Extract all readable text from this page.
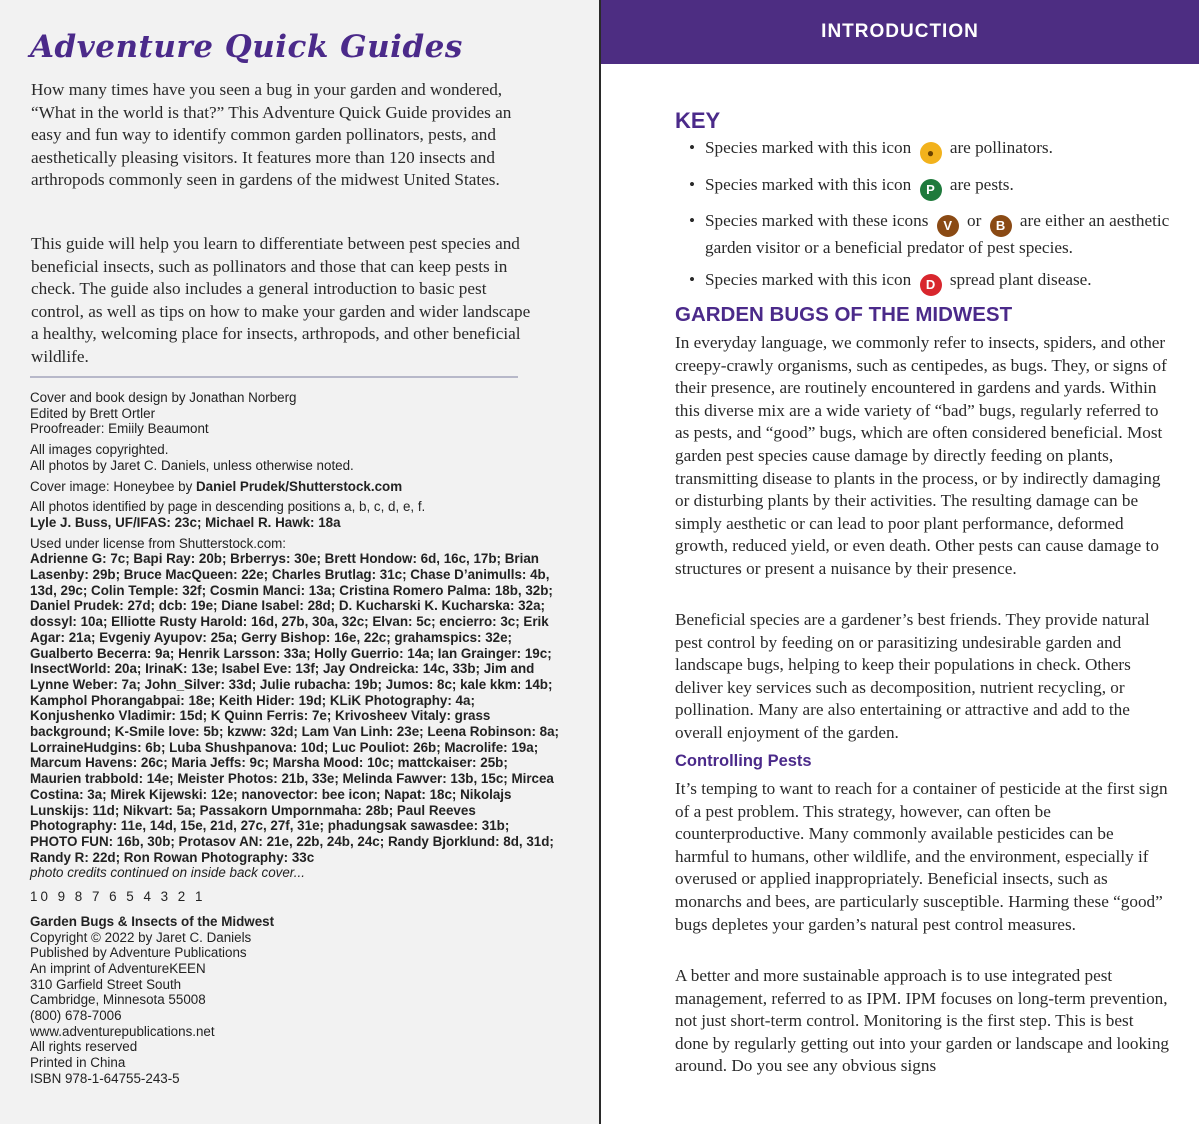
Adventure Quick Guides

How many times have you seen a bug in your garden and wondered, “What in the world is that?” This Adventure Quick Guide provides an easy and fun way to identify common garden pollinators, pests, and aesthetically pleasing visitors. It features more than 120 insects and arthropods commonly seen in gardens of the midwest United States.

This guide will help you learn to differentiate between pest species and beneficial insects, such as pollinators and those that can keep pests in check. The guide also includes a general introduction to basic pest control, as well as tips on how to make your garden and wider landscape a healthy, welcoming place for insects, arthropods, and other beneficial wildlife.

Cover and book design by Jonathan Norberg
Edited by Brett Ortler
Proofreader: Emiily Beaumont

All images copyrighted.
All photos by Jaret C. Daniels, unless otherwise noted.

Cover image: Honeybee by Daniel Prudek/Shutterstock.com

All photos identified by page in descending positions a, b, c, d, e, f.
Lyle J. Buss, UF/IFAS: 23c; Michael R. Hawk: 18a

Used under license from Shutterstock.com:
Adrienne G: 7c; Bapi Ray: 20b; Brberrys: 30e; Brett Hondow: 6d, 16c, 17b; Brian Lasenby: 29b; Bruce MacQueen: 22e; Charles Brutlag: 31c; Chase D’animulls: 4b, 13d, 29c; Colin Temple: 32f; Cosmin Manci: 13a; Cristina Romero Palma: 18b, 32b; Daniel Prudek: 27d; dcb: 19e; Diane Isabel: 28d; D. Kucharski K. Kucharska: 32a; dossyl: 10a; Elliotte Rusty Harold: 16d, 27b, 30a, 32c; Elvan: 5c; encierro: 3c; Erik Agar: 21a; Evgeniy Ayupov: 25a; Gerry Bishop: 16e, 22c; grahamspics: 32e; Gualberto Becerra: 9a; Henrik Larsson: 33a; Holly Guerrio: 14a; Ian Grainger: 19c; InsectWorld: 20a; IrinaK: 13e; Isabel Eve: 13f; Jay Ondreicka: 14c, 33b; Jim and Lynne Weber: 7a; John_Silver: 33d; Julie rubacha: 19b; Jumos: 8c; kale kkm: 14b; Kamphol Phorangabpai: 18e; Keith Hider: 19d; KLiK Photography: 4a; Konjushenko Vladimir: 15d; K Quinn Ferris: 7e; Krivosheev Vitaly: grass background; K-Smile love: 5b; kzww: 32d; Lam Van Linh: 23e; Leena Robinson: 8a; LorraineHudgins: 6b; Luba Shushpanova: 10d; Luc Pouliot: 26b; Macrolife: 19a; Marcum Havens: 26c; Maria Jeffs: 9c; Marsha Mood: 10c; mattckaiser: 25b; Maurien trabbold: 14e; Meister Photos: 21b, 33e; Melinda Fawver: 13b, 15c; Mircea Costina: 3a; Mirek Kijewski: 12e; nanovector: bee icon; Napat: 18c; Nikolajs Lunskijs: 11d; Nikvart: 5a; Passakorn Umpornmaha: 28b; Paul Reeves Photography: 11e, 14d, 15e, 21d, 27c, 27f, 31e; phadungsak sawasdee: 31b; PHOTO FUN: 16b, 30b; Protasov AN: 21e, 22b, 24b, 24c; Randy Bjorklund: 8d, 31d; Randy R: 22d; Ron Rowan Photography: 33c
photo credits continued on inside back cover...

10 9 8 7 6 5 4 3 2 1

Garden Bugs & Insects of the Midwest
Copyright © 2022 by Jaret C. Daniels
Published by Adventure Publications
An imprint of AdventureKEEN
310 Garfield Street South
Cambridge, Minnesota 55008
(800) 678-7006
www.adventurepublications.net
All rights reserved
Printed in China
ISBN 978-1-64755-243-5

INTRODUCTION
KEY
• Species marked with this icon ● are pollinators.
• Species marked with this icon P are pests.
• Species marked with these icons V or B are either an aesthetic garden visitor or a beneficial predator of pest species.
• Species marked with this icon D spread plant disease.
GARDEN BUGS OF THE MIDWEST

In everyday language, we commonly refer to insects, spiders, and other creepy-crawly organisms, such as centipedes, as bugs. They, or signs of their presence, are routinely encountered in gardens and yards. Within this diverse mix are a wide variety of “bad” bugs, regularly referred to as pests, and “good” bugs, which are often considered beneficial. Most garden pest species cause damage by directly feeding on plants, transmitting disease to plants in the process, or by indirectly damaging or disturbing plants by their activities. The resulting damage can be simply aesthetic or can lead to poor plant performance, deformed growth, reduced yield, or even death. Other pests can cause damage to structures or present a nuisance by their presence.

Beneficial species are a gardener’s best friends. They provide natural pest control by feeding on or parasitizing undesirable garden and landscape bugs, helping to keep their populations in check. Others deliver key services such as decomposition, nutrient recycling, or pollination. Many are also entertaining or attractive and add to the overall enjoyment of the garden.

Controlling Pests

It’s temping to want to reach for a container of pesticide at the first sign of a pest problem. This strategy, however, can often be counterproductive. Many commonly available pesticides can be harmful to humans, other wildlife, and the environment, especially if overused or applied inappropriately. Beneficial insects, such as monarchs and bees, are particularly susceptible. Harming these “good” bugs depletes your garden’s natural pest control measures.

A better and more sustainable approach is to use integrated pest management, referred to as IPM. IPM focuses on long-term prevention, not just short-term control. Monitoring is the first step. This is best done by regularly getting out into your garden or landscape and looking around. Do you see any obvious signs
